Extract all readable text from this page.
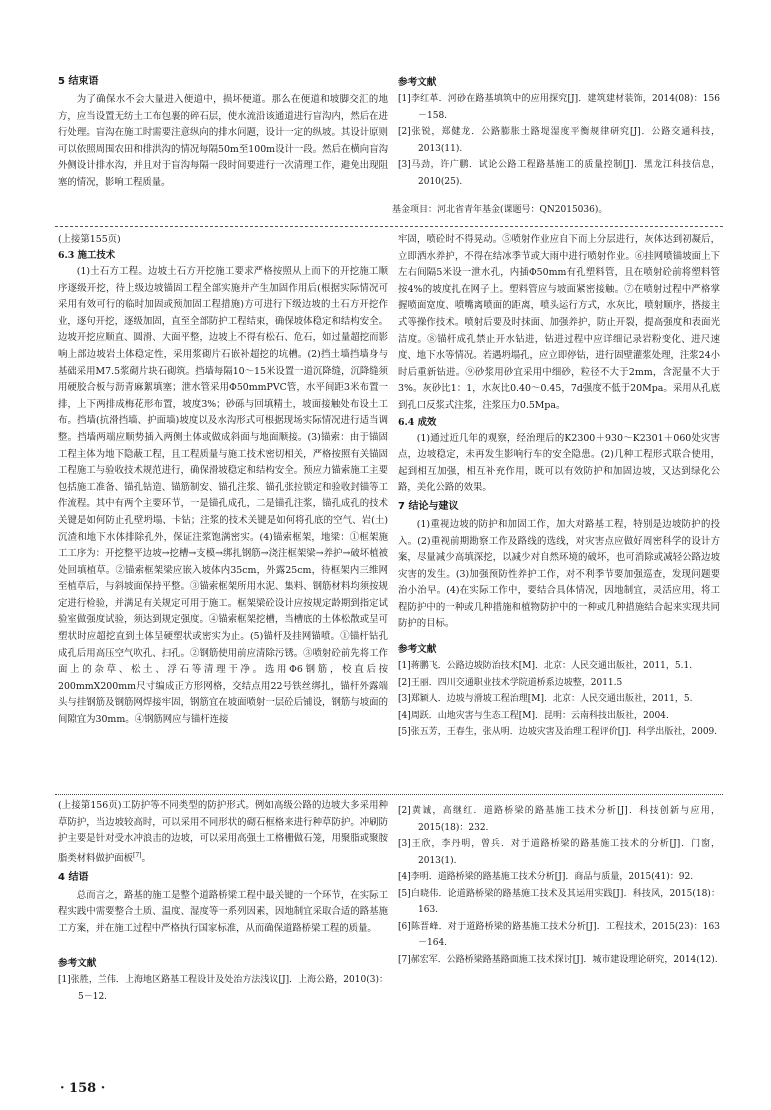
5 结束语

为了确保水不会大量进入便道中，损坏便道。那么在便道和坡脚交汇的地方，应当设置无纺土工布包裹的碎石层，使水流沿该通道进行盲沟内，然后在进行处理。盲沟在施工时需要注意纵向的排水问题，设计一定的纵坡。其设计原则可以依照周围农田和排洪沟的情况每隔50m至100m设计一段。然后在横向盲沟外侧设计排水沟，并且对于盲沟每隔一段时间要进行一次清理工作，避免出现阻塞的情况，影响工程质量。

参考文献

[1]李红革．河砂在路基填筑中的应用探究[J]．建筑建材装饰，2014(08)：156－158.

[2]张锐，郑健龙．公路膨胀土路堤湿度平衡规律研究[J]．公路交通科技，2013(11).

[3]马劲，许广鹏．试论公路工程路基施工的质量控制[J]．黑龙江科技信息，2010(25).

基金项目：河北省青年基金(课题号：QN2015036)。

(上接第155页)
6.3 施工技术

(1)土石方工程。边坡土石方开挖施工要求严格按照从上而下的开挖施工顺序逐级开挖，待上级边坡锚固工程全部实施并产生加固作用后(根据实际情况可采用有效可行的临时加固或预加固工程措施)方可进行下级边坡的土石方开挖作业，逐句开挖，逐级加固，直至全部防护工程结束，确保坡体稳定和结构安全。边坡开挖应顺直、圆滑、大面平整，边坡上不得有松石、危石，如过量超挖而影响上部边坡岩土体稳定性，采用浆砌片石嵌补超挖的坑槽。(2)挡土墙挡墙身与基础采用M7.5浆砌片块石砌筑。挡墙每隔10～15米设置一道沉降缝，沉降缝须用硬胶合板与沥青麻絮填塞；泄水管采用Φ50mmPVC管，水平间距3米布置一排，上下两排成梅花形布置，坡度3%；砂砾与回填精土，坡面接触处布设土工布。挡墙(抗滑挡墙、护面墙)坡度以及水沟形式可根据现场实际情况进行适当调整。挡墙两端应顺势插入两侧土体或做成斜面与地面顺接。(3)锚索：由于锚固工程主体为地下隐蔽工程，且工程质量与施工技术密切相关，严格按照有关锚固工程施工与验收技术规范进行，确保滑坡稳定和结构安全。预应力锚索施工主要包括施工准备、锚孔钻造、锚筋制安、锚孔注浆、锚孔张拉锁定和验收封锚等工作流程。其中有两个主要环节，一是锚孔成孔，二是锚孔注浆，锚孔成孔的技术关键是如何防止孔壁坍塌、卡钻；注浆的技术关键是如何将孔底的空气、岩(土)沉渣和地下水体排除孔外，保证注浆饱满密实。(4)锚索框架，地梁：①框架施工工序为：开挖整平边坡→挖槽→支模→绑扎钢筋→浇注框架梁→养护→破坏植被处回填植草。②锚索框架梁应嵌入坡体内35cm，外露25cm，待框架内三维网至植草后，与斜坡面保持平整。③锚索框架所用水泥、集料、钢筋材料均须按规定进行检验，并满足有关规定可用于施工。框架梁砼设计应按规定龄期到指定试验室做强度试验，须达到规定强度。④锚索框架挖槽，当槽底的土体松散或呈可塑状时应超挖直到土体呈硬塑状或密实为止。(5)锚杆及挂网锚喷。①锚杆钻孔成孔后用高压空气吹孔、扫孔。②钢筋使用前应清除污锈。③喷射砼前先将工作面上的杂草、松土、浮石等清理干净。选用Φ6钢筋，校直后按200mmX200mm尺寸编成正方形网格，交结点用22号铁丝绑扎，锚杆外露端头与挂钢筋及钢筋网焊接牢固，钢筋宜在坡面喷射一层砼后铺设，钢筋与坡面的间隙宜为30mm。④钢筋网应与锚杆连接

牢固，喷砼时不得晃动。⑤喷射作业应自下而上分层进行，灰体达到初凝后，立即洒水养护，不得在结冰季节或大雨中进行喷射作业。⑥挂网喷锚坡面上下左右间隔5米设一泄水孔，内插Φ50mm有孔塑料管，且在喷射砼前将塑料管按4%的坡度扎在网子上。塑料管应与坡面紧密接触。⑦在喷射过程中严格掌握喷面宽度、喷嘴离喷面的距离，喷头运行方式，水灰比，喷射顺序，搭接主式等操作技术。喷射后要及时抹面、加强养护，防止开裂，提高强度和表面光洁度。⑧锚杆成孔禁止开水钻进，钻进过程中应详细记录岩粉变化、进尺速度、地下水等情况。若遇坍塌孔，应立即停钻，进行固壁灌浆处理，注浆24小时后重新钻进。⑨砂浆用砂宜采用中细砂，粒径不大于2mm，含泥量不大于3%。灰砂比1：1，水灰比0.40～0.45，7d强度不低于20Mpa。采用从孔底到孔口反浆式注浆，注浆压力0.5Mpa。

6.4 成效

(1)通过近几年的观察，经治理后的K2300＋930～K2301＋060处灾害点，边坡稳定，未再发生影响行车的安全隐患。(2)几种工程形式联合使用，起到相互加强，相互补充作用，既可以有效防护和加固边坡，又达到绿化公路，美化公路的效果。

7 结论与建议

(1)重视边坡的防护和加固工作，加大对路基工程，特别是边坡防护的投入。(2)重视前期勘察工作及路线的选线，对灾害点应做好周密科学的设计方案，尽量减少高填深挖，以减少对自然环境的破坏，也可消除或减轻公路边坡灾害的发生。(3)加强预防性养护工作，对不利季节要加强巡查，发现问题要治小治早。(4)在实际工作中，要结合具体情况，因地制宜，灵活应用，将工程防护中的一种或几种措施和植物防护中的一种或几种措施结合起来实现共同防护的目标。

参考文献

[1]蒋鹏飞．公路边坡防治技术[M]．北京：人民交通出版社，2011，5.1.

[2]王丽．四川交通职业技术学院道桥系边坡整，2011.5

[3]郑颖人．边坡与滑坡工程治理[M]．北京：人民交通出版社，2011，5.

[4]周跃．山地灾害与生态工程[M]．昆明：云南科技出版社，2004.

[5]张五芳，王春生，张从明．边坡灾害及治理工程评价[J]．科学出版社，2009.

(上接第156页)工防护等不同类型的防护形式。例如高级公路的边坡大多采用种草防护，当边坡较高时，可以采用不同形状的砌石框格来进行种草防护。冲刷防护主要是针对受水冲浪击的边坡，可以采用高强土工格栅做石笼，用聚脂或聚胺脂类材料做护面板[7]。

4 结语

总而言之，路基的施工是整个道路桥梁工程中最关键的一个环节，在实际工程实践中需要整合土质、温度、湿度等一系列因素，因地制宜采取合适的路基施工方案，并在施工过程中严格执行国家标准，从而确保道路桥梁工程的质量。

参考文献

[1]张胜，兰伟．上海地区路基工程设计及处治方法浅议[J]．上海公路，2010(3)：5－12.

[2]黄诚，高继红．道路桥梁的路基施工技术分析[J]．科技创新与应用，2015(18)：232.

[3]王欣，李丹明，曾兵．对于道路桥梁的路基施工技术的分析[J]．门窗，2013(1).

[4]李明．道路桥梁的路基施工技术分析[J]．商品与质量，2015(41)：92.

[5]白晓伟．论道路桥梁的路基施工技术及其运用实践[J]．科技风，2015(18)：163.

[6]陈晋峰．对于道路桥梁的路基施工技术分析[J]．工程技术，2015(23)：163－164.

[7]郝宏军．公路桥梁路基路面施工技术探讨[J]．城市建设理论研究，2014(12).

· 158 ·
